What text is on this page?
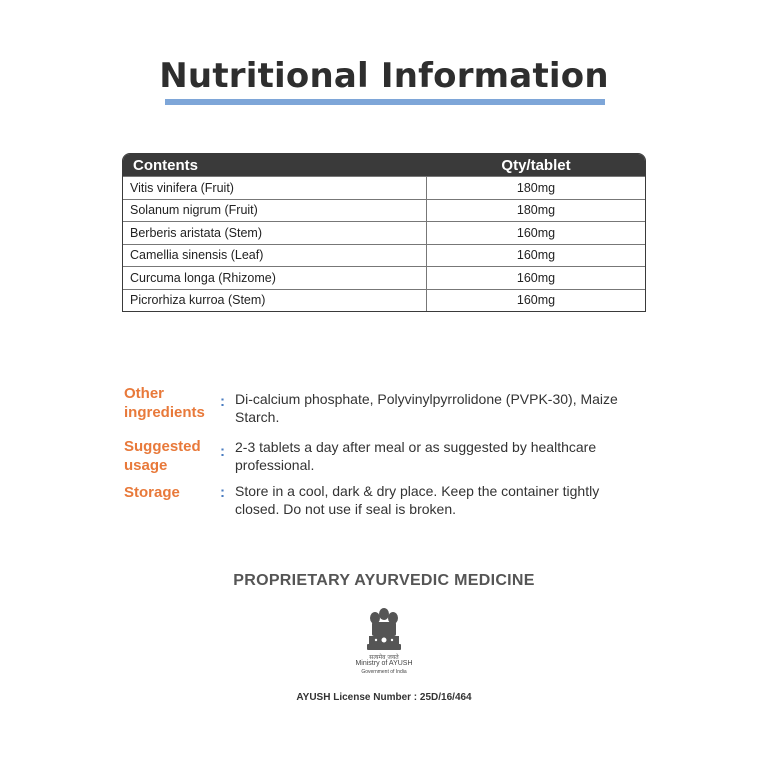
Nutritional Information
Contents	Qty/tablet
Vitis vinifera (Fruit)	180mg
Solanum nigrum (Fruit)	180mg
Berberis aristata (Stem)	160mg
Camellia sinensis (Leaf)	160mg
Curcuma longa (Rhizome)	160mg
Picrorhiza kurroa (Stem)	160mg
Other
ingredients
: Di-calcium phosphate, Polyvinylpyrrolidone (PVPK-30), Maize Starch.
Suggested
usage
: 2-3 tablets a day after meal or as suggested by healthcare professional.
Storage	: Store in a cool, dark & dry place. Keep the container tightly closed. Do not use if seal is broken.
PROPRIETARY AYURVEDIC MEDICINE
सत्यमेव जयते
Ministry of AYUSH
Government of India
AYUSH License Number : 25D/16/464
